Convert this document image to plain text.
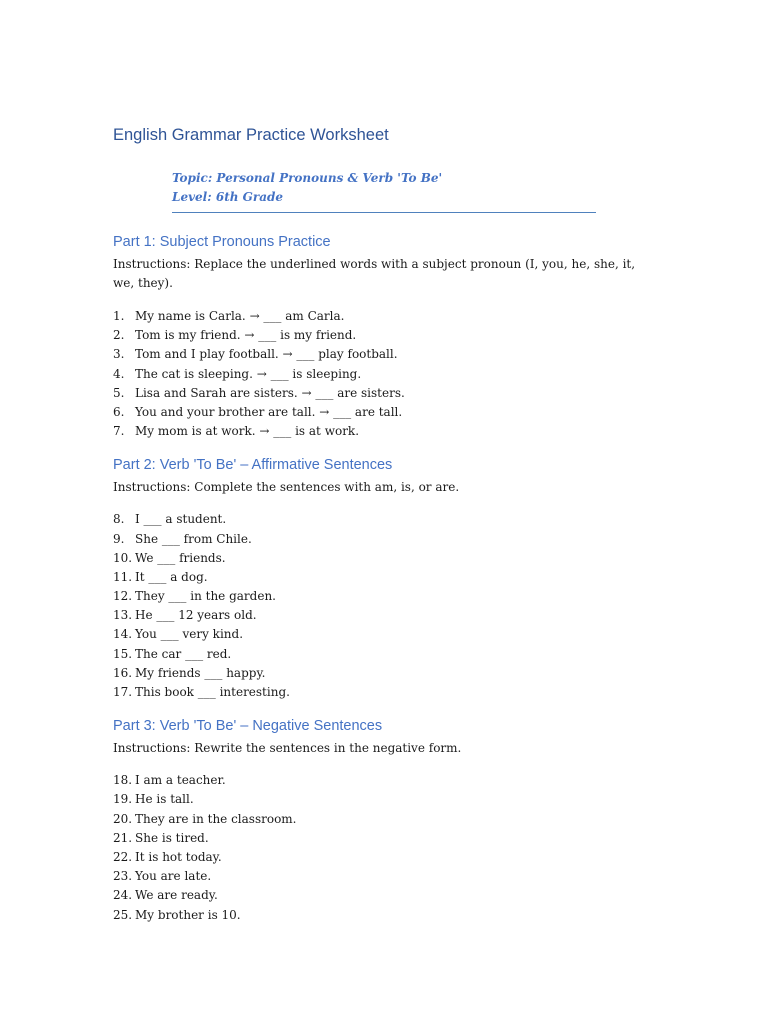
English Grammar Practice Worksheet
Topic: Personal Pronouns & Verb 'To Be'
Level: 6th Grade
Part 1: Subject Pronouns Practice

Instructions: Replace the underlined words with a subject pronoun (I, you, he, she, it, we, they).

1. My name is Carla. → ___ am Carla.
2. Tom is my friend. → ___ is my friend.
3. Tom and I play football. → ___ play football.
4. The cat is sleeping. → ___ is sleeping.
5. Lisa and Sarah are sisters. → ___ are sisters.
6. You and your brother are tall. → ___ are tall.
7. My mom is at work. → ___ is at work.
Part 2: Verb 'To Be' – Affirmative Sentences

Instructions: Complete the sentences with am, is, or are.

8. I ___ a student.
9. She ___ from Chile.
10. We ___ friends.
11. It ___ a dog.
12. They ___ in the garden.
13. He ___ 12 years old.
14. You ___ very kind.
15. The car ___ red.
16. My friends ___ happy.
17. This book ___ interesting.
Part 3: Verb 'To Be' – Negative Sentences

Instructions: Rewrite the sentences in the negative form.

18. I am a teacher.
19. He is tall.
20. They are in the classroom.
21. She is tired.
22. It is hot today.
23. You are late.
24. We are ready.
25. My brother is 10.
